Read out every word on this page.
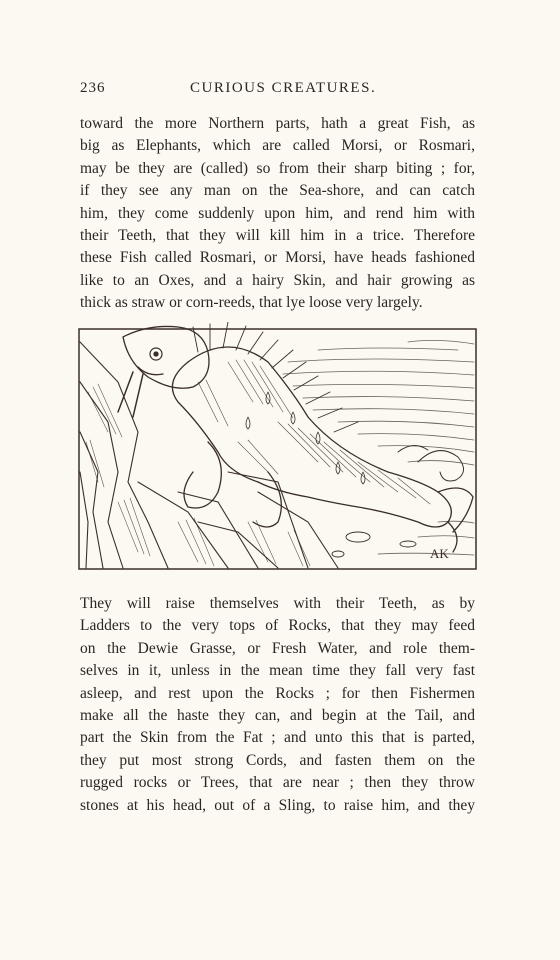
236	CURIOUS CREATURES.
toward the more Northern parts, hath a great Fish, as
big as Elephants, which are called Morsi, or Rosmari,
may be they are (called) so from their sharp biting ; for,
if they see any man on the Sea-shore, and can catch
him, they come suddenly upon him, and rend him with
their Teeth, that they will kill him in a trice. Therefore
these Fish called Rosmari, or Morsi, have heads fashioned
like to an Oxes, and a hairy Skin, and hair growing as
thick as straw or corn-reeds, that lye loose very largely.
AK
They will raise themselves with their Teeth, as by
Ladders to the very tops of Rocks, that they may feed
on the Dewie Grasse, or Fresh Water, and role them-
selves in it, unless in the mean time they fall very fast
asleep, and rest upon the Rocks ; for then Fishermen
make all the haste they can, and begin at the Tail, and
part the Skin from the Fat ; and unto this that is parted,
they put most strong Cords, and fasten them on the
rugged rocks or Trees, that are near ; then they throw
stones at his head, out of a Sling, to raise him, and they
